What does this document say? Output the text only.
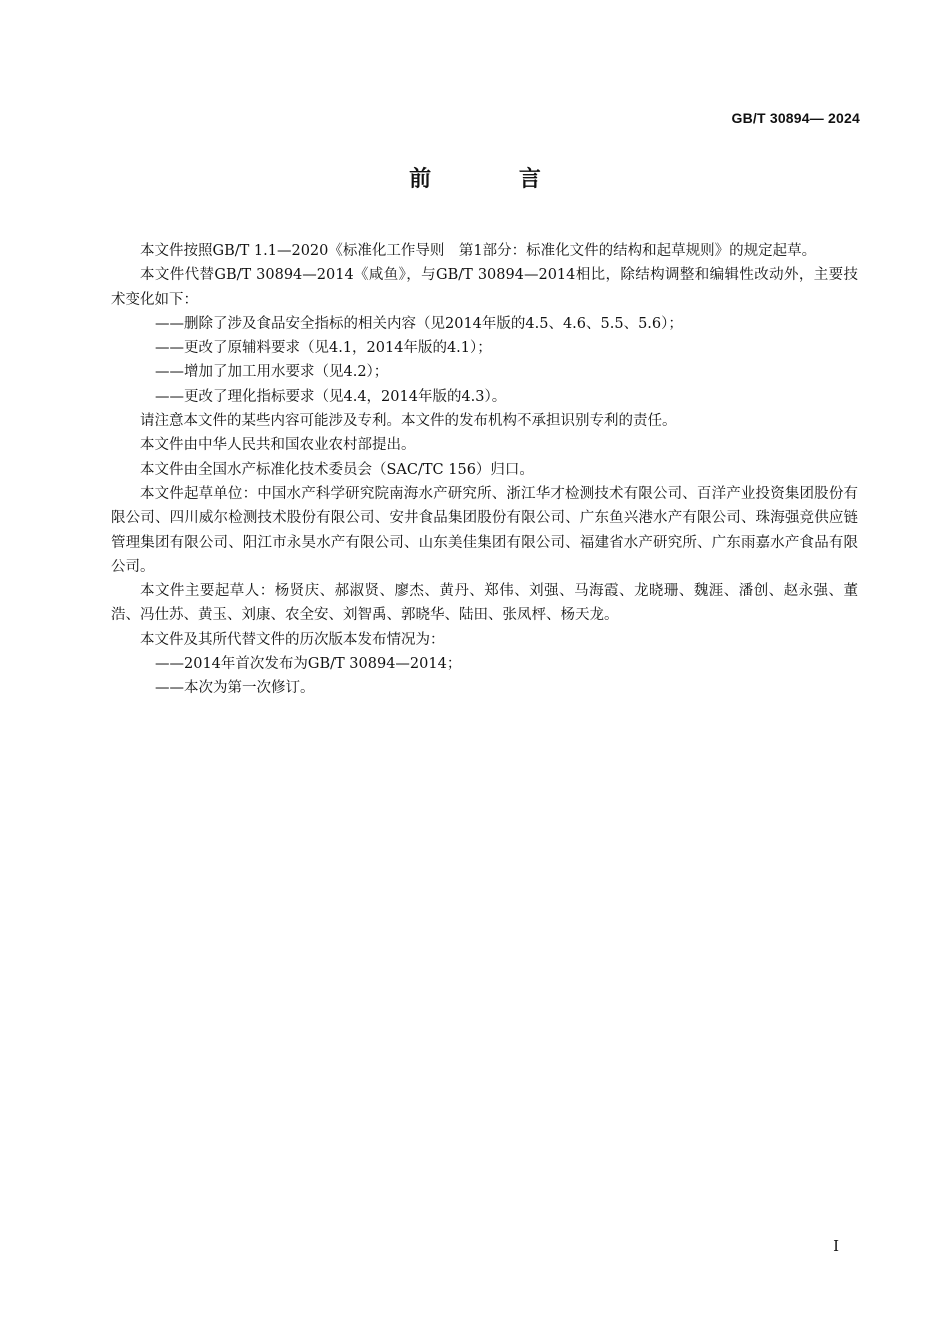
GB/T 30894— 2024
前 言

本文件按照GB/T 1.1—2020《标准化工作导则　第1部分：标准化文件的结构和起草规则》的规定起草。

本文件代替GB/T 30894—2014《咸鱼》，与GB/T 30894—2014相比，除结构调整和编辑性改动外，主要技术变化如下：

——删除了涉及食品安全指标的相关内容（见2014年版的4.5、4.6、5.5、5.6）；

——更改了原辅料要求（见4.1，2014年版的4.1）；

——增加了加工用水要求（见4.2）；

——更改了理化指标要求（见4.4，2014年版的4.3）。

请注意本文件的某些内容可能涉及专利。本文件的发布机构不承担识别专利的责任。

本文件由中华人民共和国农业农村部提出。

本文件由全国水产标准化技术委员会（SAC/TC 156）归口。

本文件起草单位：中国水产科学研究院南海水产研究所、浙江华才检测技术有限公司、百洋产业投资集团股份有限公司、四川威尔检测技术股份有限公司、安井食品集团股份有限公司、广东鱼兴港水产有限公司、珠海强竞供应链管理集团有限公司、阳江市永昊水产有限公司、山东美佳集团有限公司、福建省水产研究所、广东雨嘉水产食品有限公司。

本文件主要起草人：杨贤庆、郝淑贤、廖杰、黄丹、郑伟、刘强、马海霞、龙晓珊、魏涯、潘创、赵永强、董浩、冯仕苏、黄玉、刘康、农全安、刘智禹、郭晓华、陆田、张凤枰、杨天龙。

本文件及其所代替文件的历次版本发布情况为：

——2014年首次发布为GB/T 30894—2014；

——本次为第一次修订。

I
